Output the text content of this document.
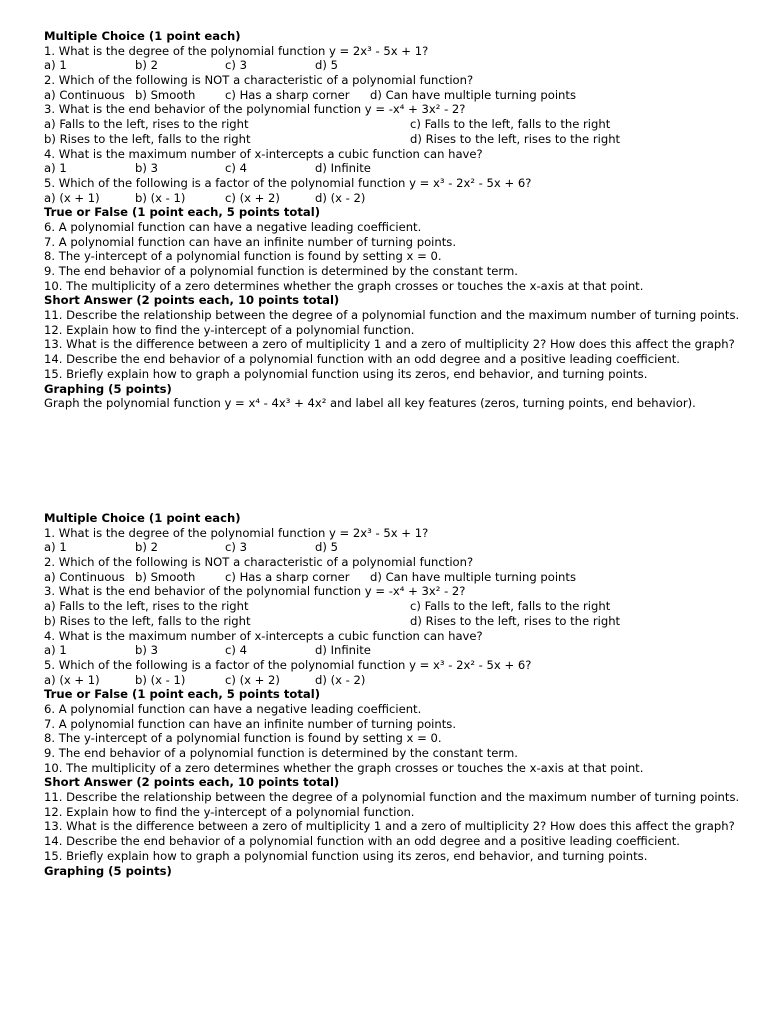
Multiple Choice (1 point each)
1. What is the degree of the polynomial function y = 2x³ - 5x + 1?
a) 1	b) 2	c) 3	d) 5
2. Which of the following is NOT a characteristic of a polynomial function?
a) Continuous b) Smooth	c) Has a sharp corner d) Can have multiple turning points
3. What is the end behavior of the polynomial function y = -x⁴ + 3x² - 2?
a) Falls to the left, rises to the right	c) Falls to the left, falls to the right
b) Rises to the left, falls to the right	d) Rises to the left, rises to the right
4. What is the maximum number of x-intercepts a cubic function can have?
a) 1	b) 3	c) 4	d) Infinite
5. Which of the following is a factor of the polynomial function y = x³ - 2x² - 5x + 6?
a) (x + 1)	b) (x - 1)	c) (x + 2)	d) (x - 2)
True or False (1 point each, 5 points total)
6. A polynomial function can have a negative leading coefficient.
7. A polynomial function can have an infinite number of turning points.
8. The y-intercept of a polynomial function is found by setting x = 0.
9. The end behavior of a polynomial function is determined by the constant term.
10. The multiplicity of a zero determines whether the graph crosses or touches the x-axis at that point.
Short Answer (2 points each, 10 points total)
11. Describe the relationship between the degree of a polynomial function and the maximum number of turning points.
12. Explain how to find the y-intercept of a polynomial function.
13. What is the difference between a zero of multiplicity 1 and a zero of multiplicity 2? How does this affect the graph?
14. Describe the end behavior of a polynomial function with an odd degree and a positive leading coefficient.
15. Briefly explain how to graph a polynomial function using its zeros, end behavior, and turning points.
Graphing (5 points)
Graph the polynomial function y = x⁴ - 4x³ + 4x² and label all key features (zeros, turning points, end behavior).
Multiple Choice (1 point each)
1. What is the degree of the polynomial function y = 2x³ - 5x + 1?
a) 1	b) 2	c) 3	d) 5
2. Which of the following is NOT a characteristic of a polynomial function?
a) Continuous b) Smooth	c) Has a sharp corner d) Can have multiple turning points
3. What is the end behavior of the polynomial function y = -x⁴ + 3x² - 2?
a) Falls to the left, rises to the right	c) Falls to the left, falls to the right
b) Rises to the left, falls to the right	d) Rises to the left, rises to the right
4. What is the maximum number of x-intercepts a cubic function can have?
a) 1	b) 3	c) 4	d) Infinite
5. Which of the following is a factor of the polynomial function y = x³ - 2x² - 5x + 6?
a) (x + 1)	b) (x - 1)	c) (x + 2)	d) (x - 2)
True or False (1 point each, 5 points total)
6. A polynomial function can have a negative leading coefficient.
7. A polynomial function can have an infinite number of turning points.
8. The y-intercept of a polynomial function is found by setting x = 0.
9. The end behavior of a polynomial function is determined by the constant term.
10. The multiplicity of a zero determines whether the graph crosses or touches the x-axis at that point.
Short Answer (2 points each, 10 points total)
11. Describe the relationship between the degree of a polynomial function and the maximum number of turning points.
12. Explain how to find the y-intercept of a polynomial function.
13. What is the difference between a zero of multiplicity 1 and a zero of multiplicity 2? How does this affect the graph?
14. Describe the end behavior of a polynomial function with an odd degree and a positive leading coefficient.
15. Briefly explain how to graph a polynomial function using its zeros, end behavior, and turning points.
Graphing (5 points)
